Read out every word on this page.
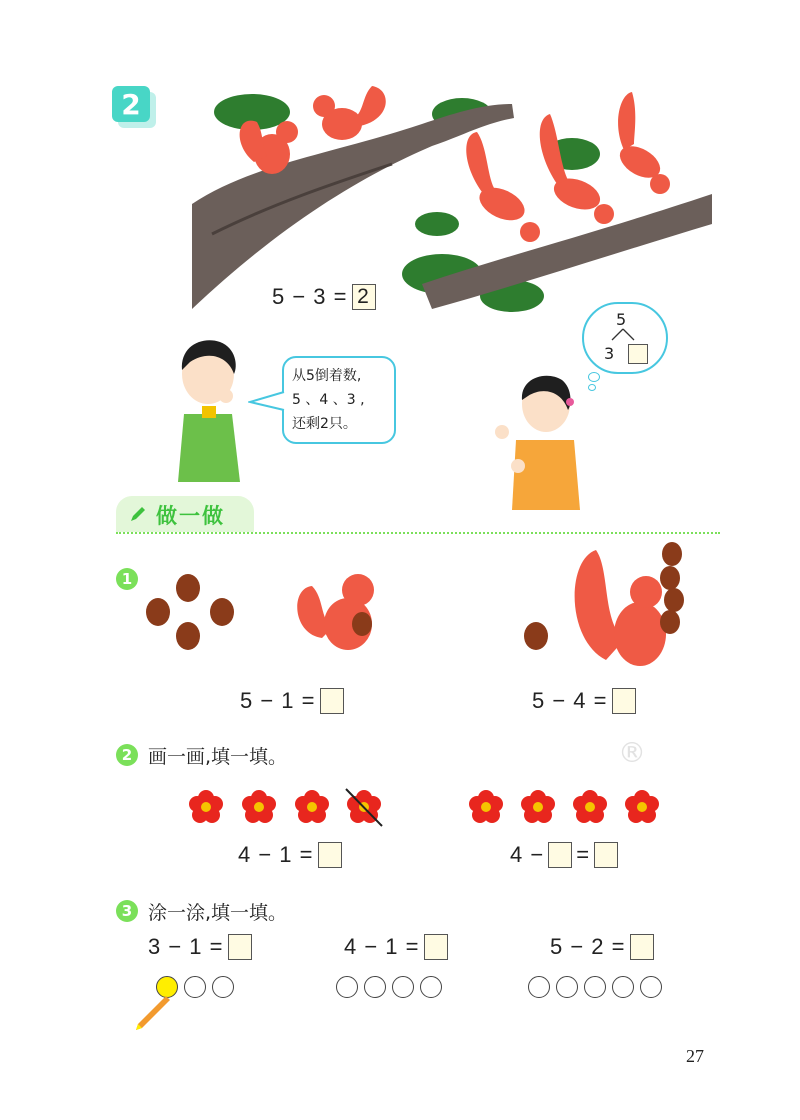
2
5 − 3 = 2
从5倒着数,
5 、4 、3 ,
还剩2只。
5
3
做一做
1
5 − 1 =	5 − 4 =
2 画一画,填一填。	®
4 − 1 =	4 − =
3 涂一涂,填一填。
3 − 1 =	4 − 1 =	5 − 2 =
27
